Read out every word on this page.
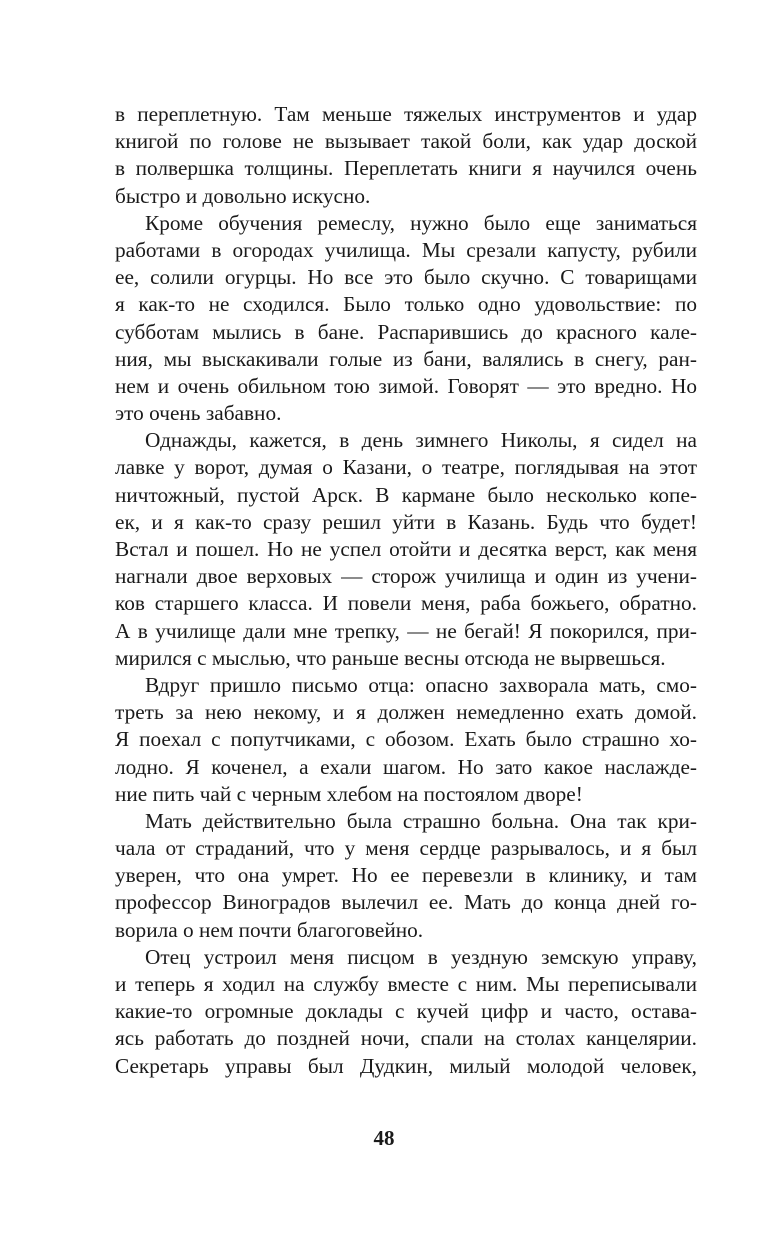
в переплетную. Там меньше тяжелых инструментов и удар
книгой по голове не вызывает такой боли, как удар доской
в полвершка толщины. Переплетать книги я научился очень
быстро и довольно искусно.
Кроме обучения ремеслу, нужно было еще заниматься
работами в огородах училища. Мы срезали капусту, рубили
ее, солили огурцы. Но все это было скучно. С товарищами
я как-то не сходился. Было только одно удовольствие: по
субботам мылись в бане. Распарившись до красного кале-
ния, мы выскакивали голые из бани, валялись в снегу, ран-
нем и очень обильном тою зимой. Говорят — это вредно. Но
это очень забавно.
Однажды, кажется, в день зимнего Николы, я сидел на
лавке у ворот, думая о Казани, о театре, поглядывая на этот
ничтожный, пустой Арск. В кармане было несколько копе-
ек, и я как-то сразу решил уйти в Казань. Будь что будет!
Встал и пошел. Но не успел отойти и десятка верст, как меня
нагнали двое верховых — сторож училища и один из учени-
ков старшего класса. И повели меня, раба божьего, обратно.
А в училище дали мне трепку, — не бегай! Я покорился, при-
мирился с мыслью, что раньше весны отсюда не вырвешься.
Вдруг пришло письмо отца: опасно захворала мать, смо-
треть за нею некому, и я должен немедленно ехать домой.
Я поехал с попутчиками, с обозом. Ехать было страшно хо-
лодно. Я коченел, а ехали шагом. Но зато какое наслажде-
ние пить чай с черным хлебом на постоялом дворе!
Мать действительно была страшно больна. Она так кри-
чала от страданий, что у меня сердце разрывалось, и я был
уверен, что она умрет. Но ее перевезли в клинику, и там
профессор Виноградов вылечил ее. Мать до конца дней го-
ворила о нем почти благоговейно.
Отец устроил меня писцом в уездную земскую управу,
и теперь я ходил на службу вместе с ним. Мы переписывали
какие-то огромные доклады с кучей цифр и часто, остава-
ясь работать до поздней ночи, спали на столах канцелярии.
Секретарь управы был Дудкин, милый молодой человек,
48
